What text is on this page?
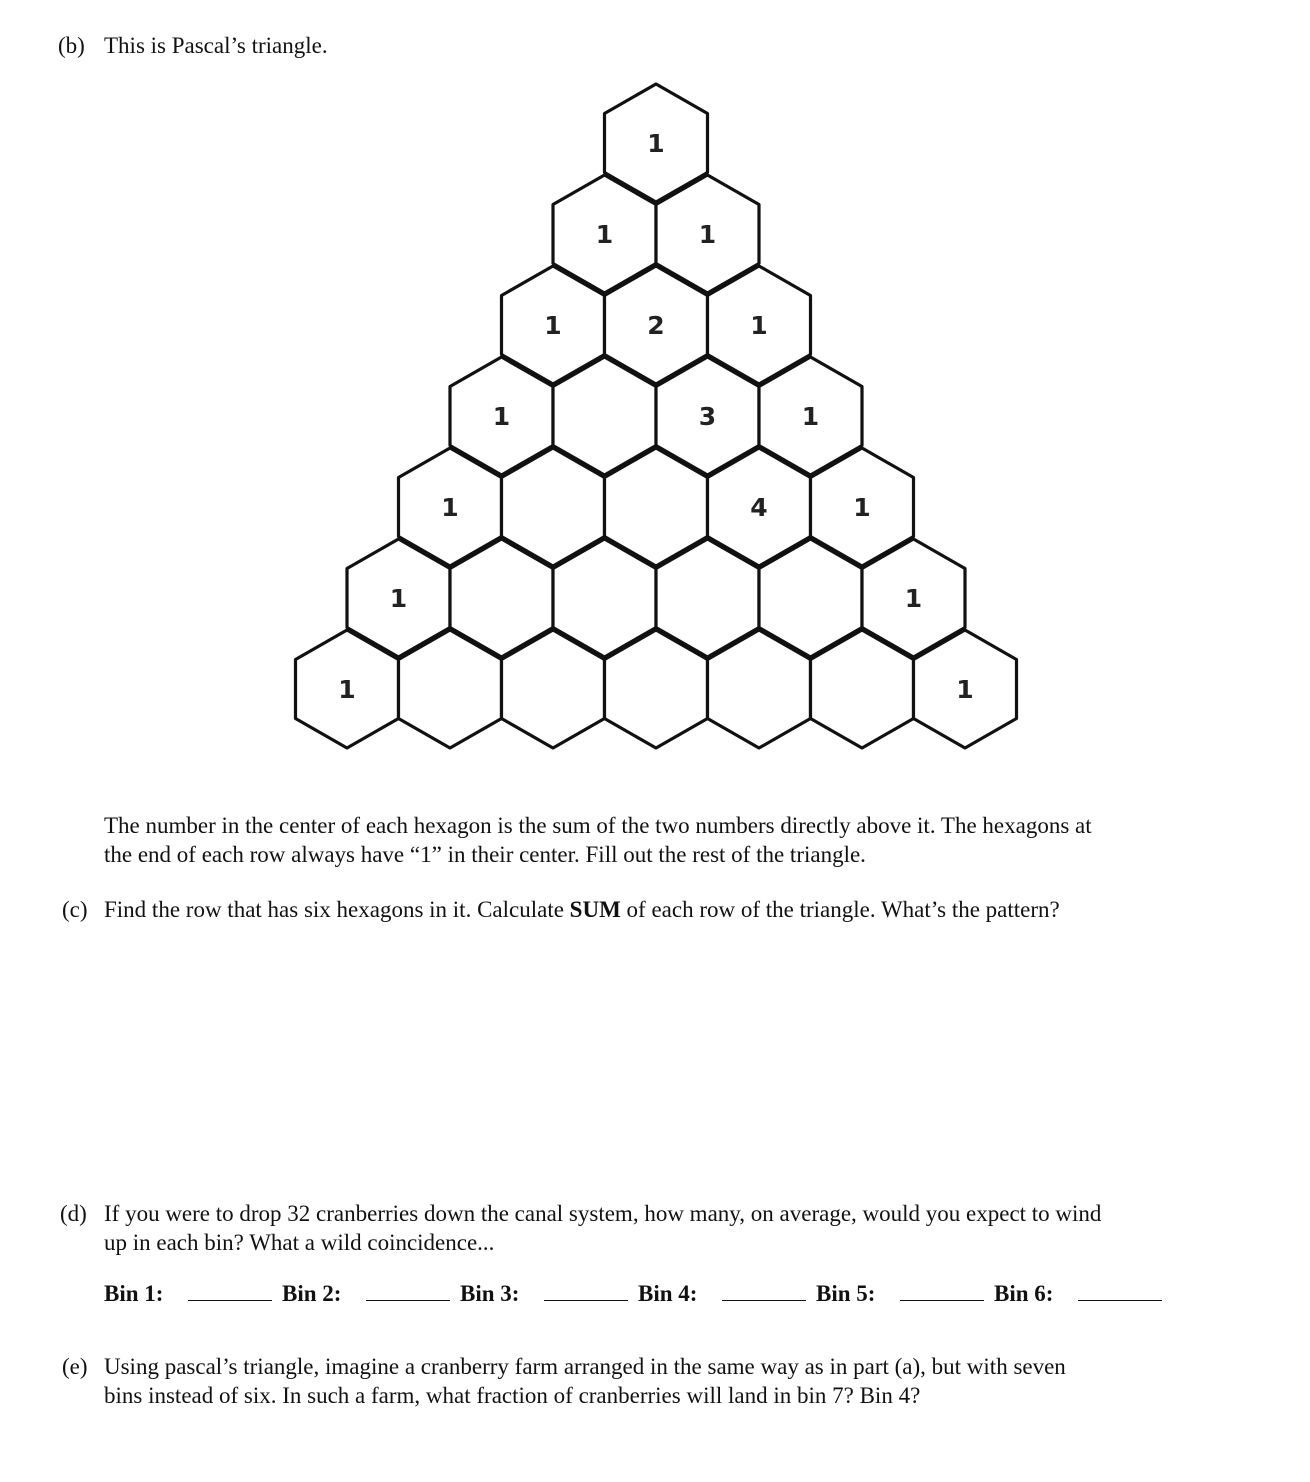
(b) This is Pascal’s triangle.
1
1	1
1	2	1
1	3	1
1	4	1
1	1
1	1
The number in the center of each hexagon is the sum of the two numbers directly above it. The hexagons at
the end of each row always have “1” in their center. Fill out the rest of the triangle.
(c) Find the row that has six hexagons in it. Calculate SUM of each row of the triangle. What’s the pattern?
(d) If you were to drop 32 cranberries down the canal system, how many, on average, would you expect to wind
up in each bin? What a wild coincidence...
Bin 1:	Bin 2:	Bin 3:	Bin 4:	Bin 5:	Bin 6:
(e) Using pascal’s triangle, imagine a cranberry farm arranged in the same way as in part (a), but with seven
bins instead of six. In such a farm, what fraction of cranberries will land in bin 7? Bin 4?
